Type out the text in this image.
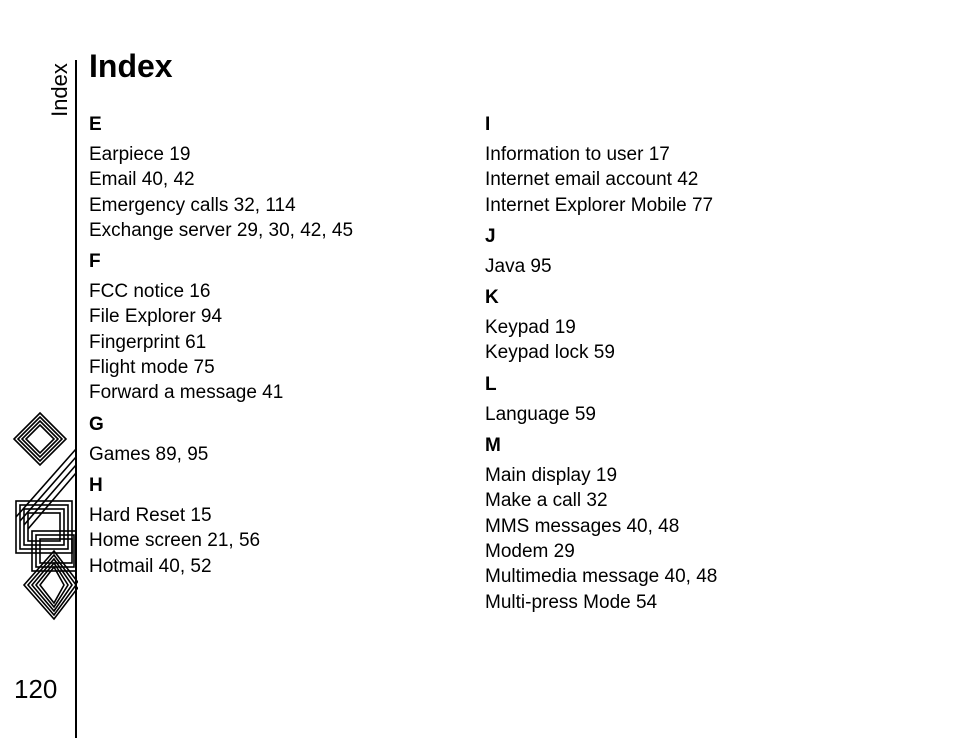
Index Index
120
E
Earpiece 19
Email 40, 42
Emergency calls 32, 114
Exchange server 29, 30, 42, 45
F
FCC notice 16
File Explorer 94
Fingerprint 61
Flight mode 75
Forward a message 41
G
Games 89, 95
H
Hard Reset 15
Home screen 21, 56
Hotmail 40, 52
I
Information to user 17
Internet email account 42
Internet Explorer Mobile 77
J
Java 95
K
Keypad 19
Keypad lock 59
L
Language 59
M
Main display 19
Make a call 32
MMS messages 40, 48
Modem 29
Multimedia message 40, 48
Multi-press Mode 54
